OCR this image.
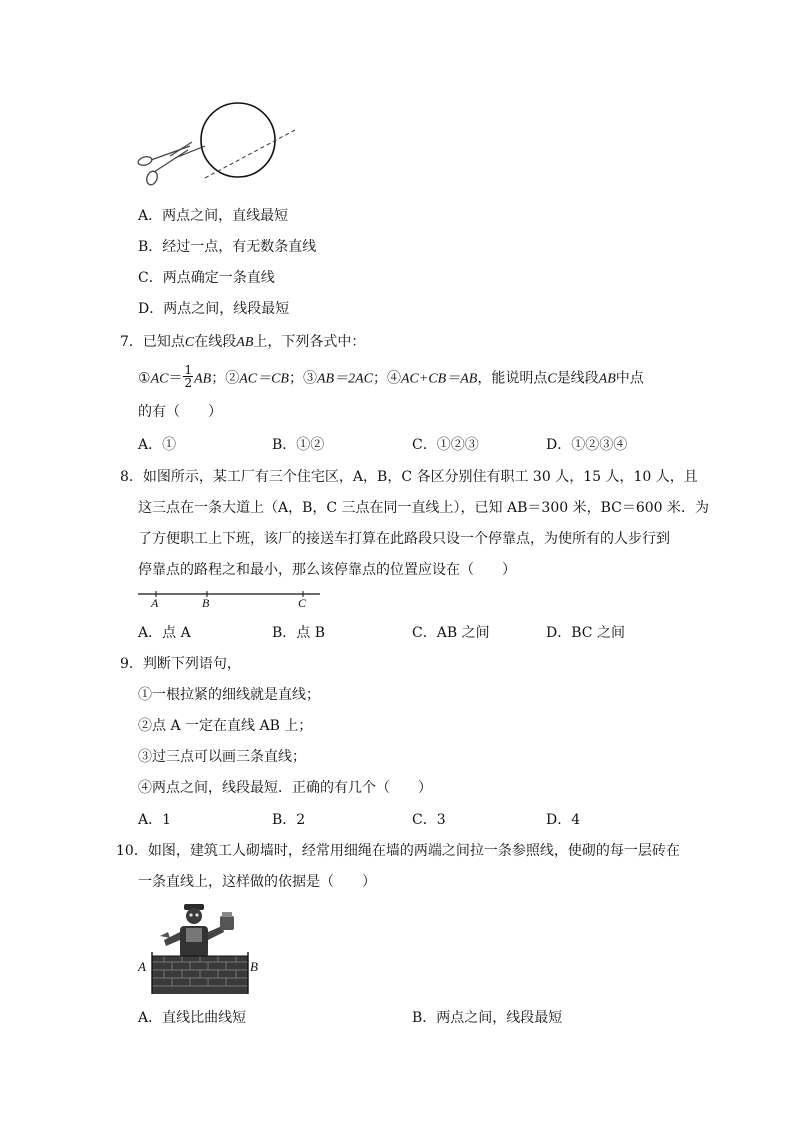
A．两点之间，直线最短
B．经过一点，有无数条直线
C．两点确定一条直线
D．两点之间，线段最短
7．已知点C在线段AB上，下列各式中：
①AC＝ $\frac{1}{2}$ AB；②AC＝CB；③AB＝2AC；④AC+CB＝AB，能说明点C是线段AB中点
的有（　　）
A．①	B．①②	C．①②③	D．①②③④
8．如图所示，某工厂有三个住宅区，A，B，C 各区分别住有职工 30 人，15 人，10 人，且
这三点在一条大道上（A，B，C 三点在同一直线上），已知 AB＝300 米，BC＝600 米．为
了方便职工上下班，该厂的接送车打算在此路段只设一个停靠点，为使所有的人步行到
停靠点的路程之和最小，那么该停靠点的位置应设在（　　）
A	B	C
A．点 A	B．点 B	C．AB 之间	D．BC 之间
9．判断下列语句，
①一根拉紧的细线就是直线；
②点 A 一定在直线 AB 上；
③过三点可以画三条直线；
④两点之间，线段最短．正确的有几个（　　）
A．1	B．2	C．3	D．4
10．如图，建筑工人砌墙时，经常用细绳在墙的两端之间拉一条参照线，使砌的每一层砖在
一条直线上，这样做的依据是（　　）
A	B
A．直线比曲线短	B．两点之间，线段最短
